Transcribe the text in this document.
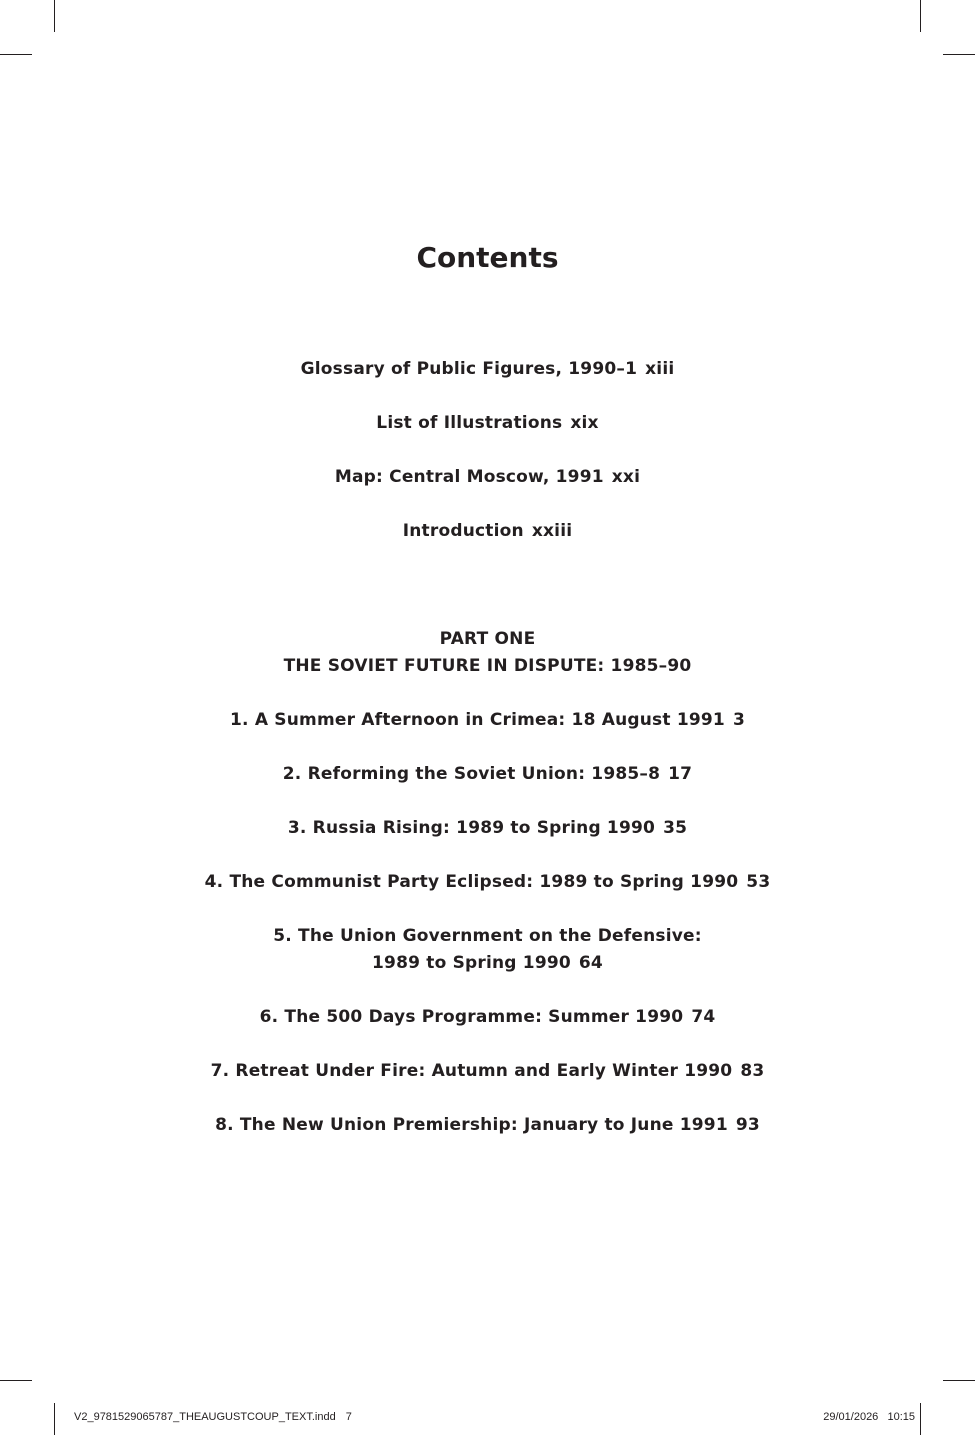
Contents
Glossary of Public Figures, 1990–1 xiii
List of Illustrations xix
Map: Central Moscow, 1991 xxi
Introduction xxiii
PART ONE
THE SOVIET FUTURE IN DISPUTE: 1985–90
1. A Summer Afternoon in Crimea: 18 August 1991 3
2. Reforming the Soviet Union: 1985–8 17
3. Russia Rising: 1989 to Spring 1990 35
4. The Communist Party Eclipsed: 1989 to Spring 1990 53
5. The Union Government on the Defensive:
1989 to Spring 1990 64
6. The 500 Days Programme: Summer 1990 74
7. Retreat Under Fire: Autumn and Early Winter 1990 83
8. The New Union Premiership: January to June 1991 93
V2_9781529065787_THEAUGUSTCOUP_TEXT.indd 7	29/01/2026   10:15
